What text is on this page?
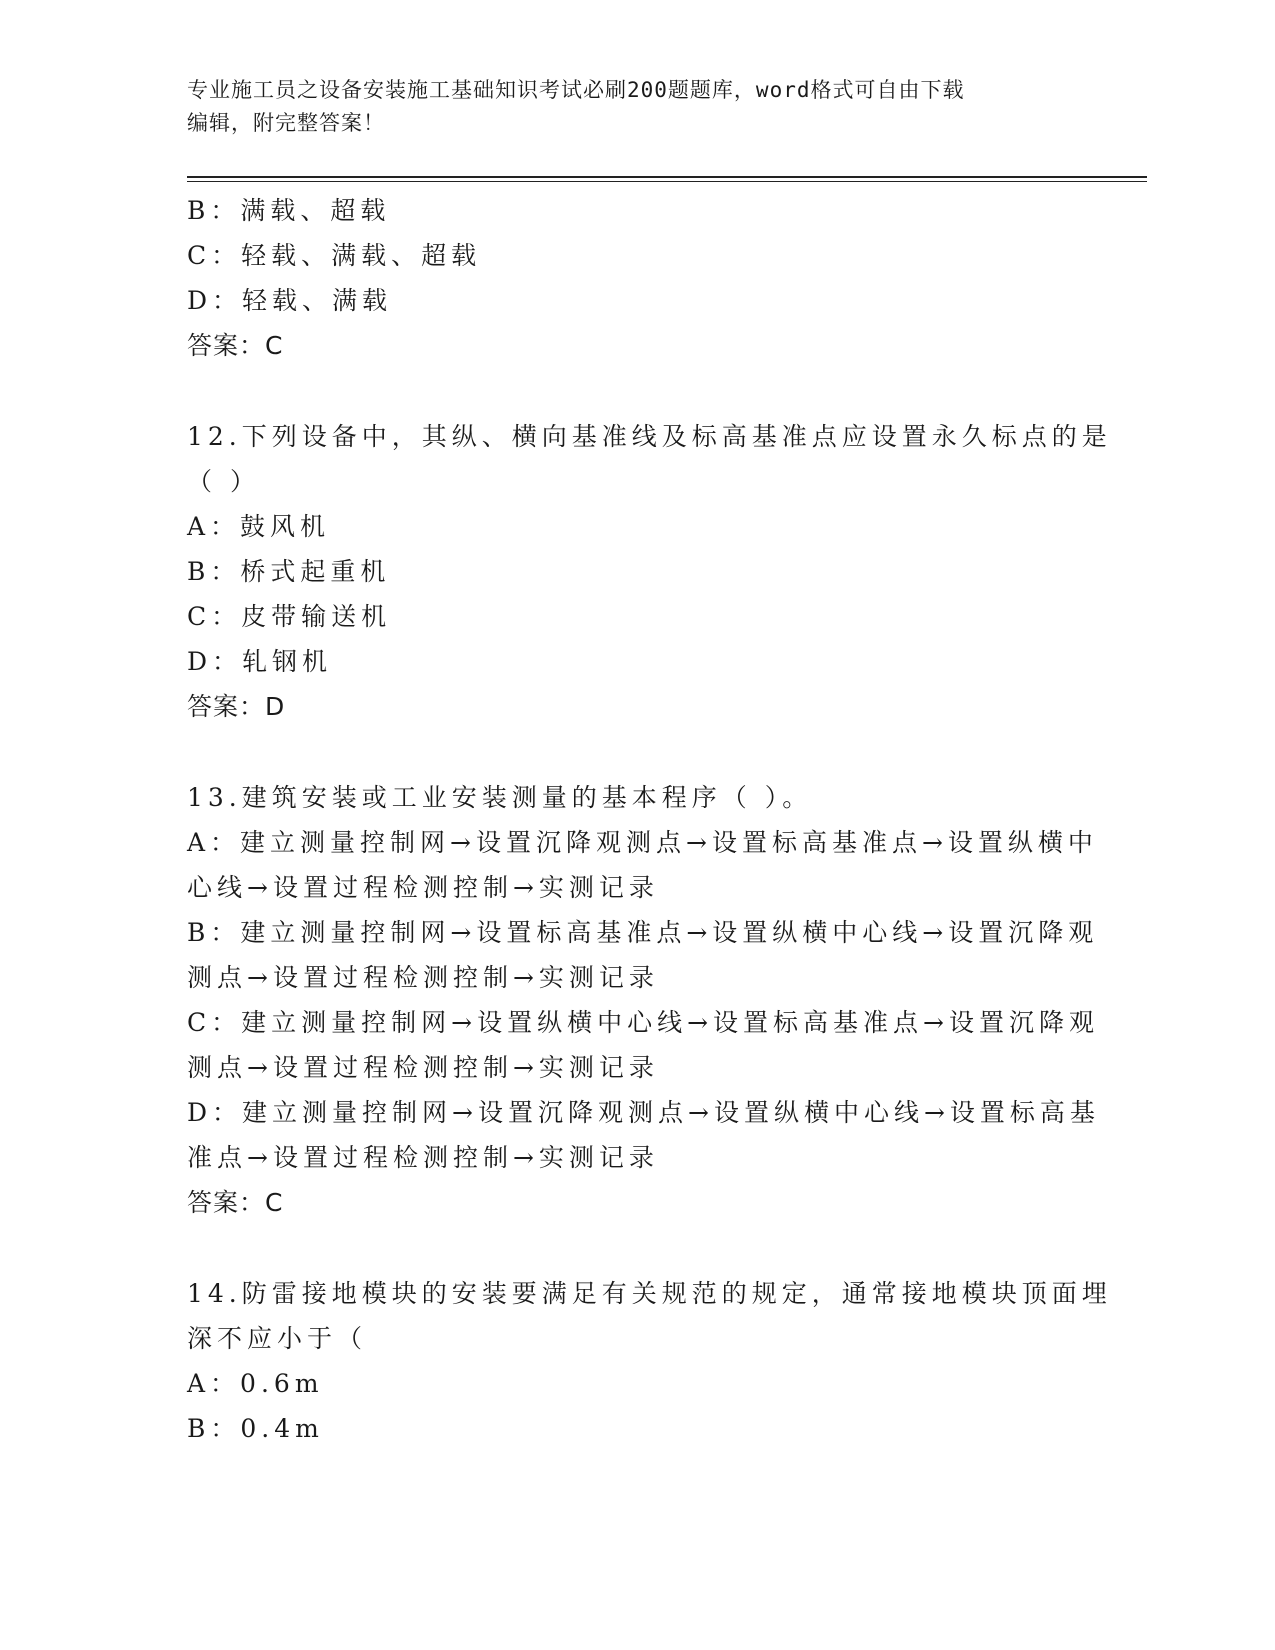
专业施工员之设备安装施工基础知识考试必刷200题题库，word格式可自由下载
编辑，附完整答案！
B：满载、超载
C：轻载、满载、超载
D：轻载、满载
答案：C
12.下列设备中，其纵、横向基准线及标高基准点应设置永久标点的是
（ ）
A：鼓风机
B：桥式起重机
C：皮带输送机
D：轧钢机
答案：D
13.建筑安装或工业安装测量的基本程序（ ）。
A：建立测量控制网→设置沉降观测点→设置标高基准点→设置纵横中
心线→设置过程检测控制→实测记录
B：建立测量控制网→设置标高基准点→设置纵横中心线→设置沉降观
测点→设置过程检测控制→实测记录
C：建立测量控制网→设置纵横中心线→设置标高基准点→设置沉降观
测点→设置过程检测控制→实测记录
D：建立测量控制网→设置沉降观测点→设置纵横中心线→设置标高基
准点→设置过程检测控制→实测记录
答案：C
14.防雷接地模块的安装要满足有关规范的规定，通常接地模块顶面埋
深不应小于（
A：0.6m
B：0.4m
